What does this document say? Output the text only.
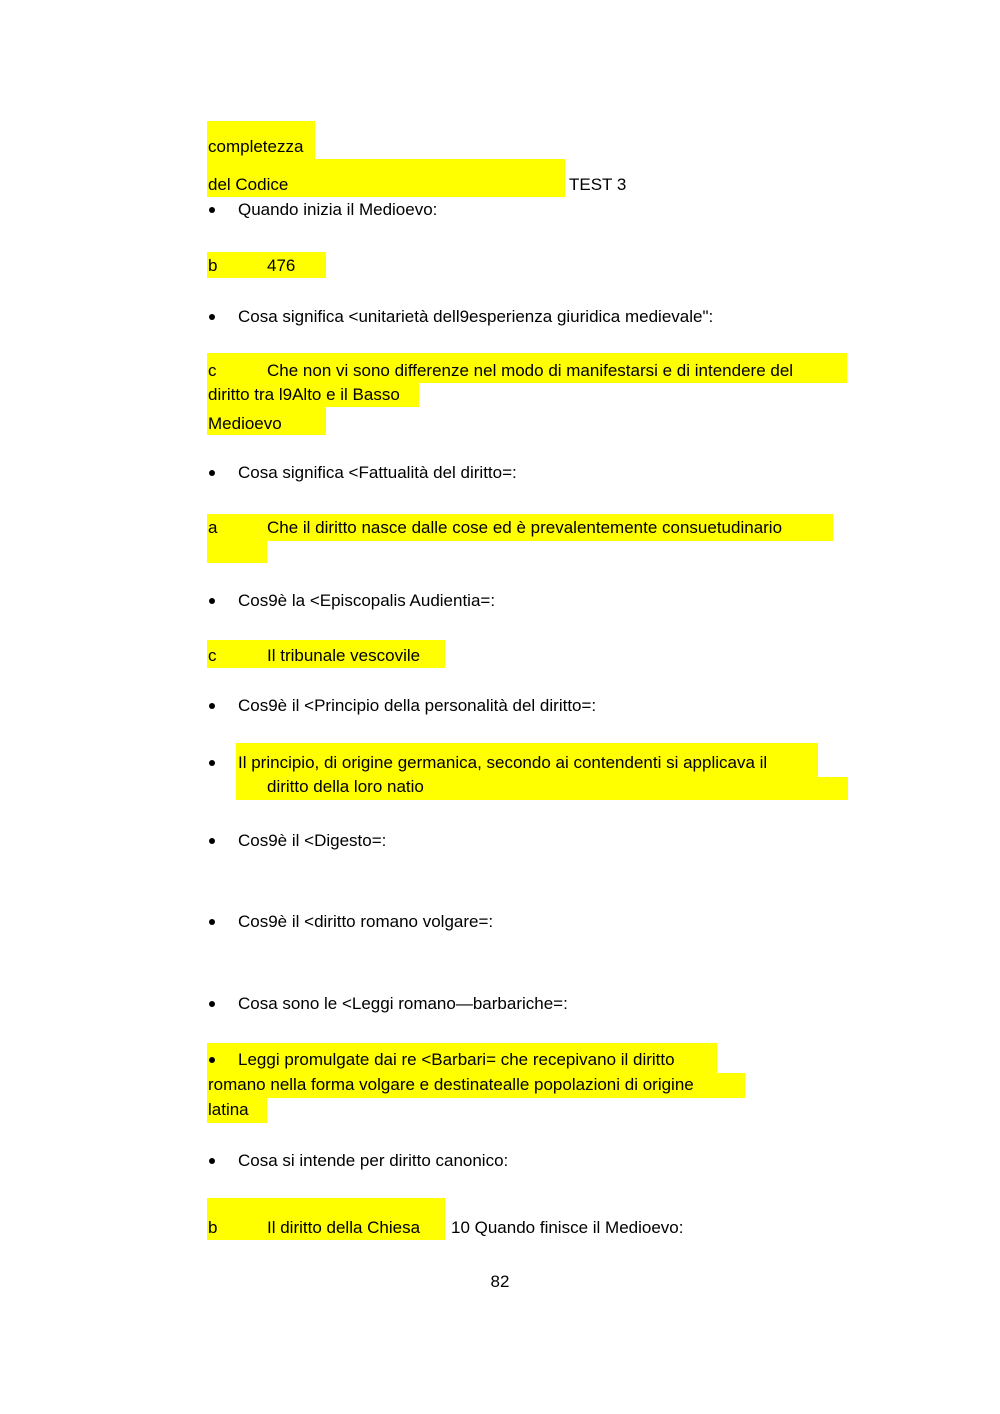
completezza
del Codice	TEST 3
Quando inizia il Medioevo:
b	476
Cosa significa <unitarietà dell9esperienza giuridica medievale":
c	Che non vi sono differenze nel modo di manifestarsi e di intendere del
diritto tra l9Alto e il Basso
Medioevo
Cosa significa <Fattualità del diritto=:
a	Che il diritto nasce dalle cose ed è prevalentemente consuetudinario
Cos9è la <Episcopalis Audientia=:
c	Il tribunale vescovile
Cos9è il <Principio della personalità del diritto=:
Il principio, di origine germanica, secondo ai contendenti si applicava il
diritto della loro natio
Cos9è il <Digesto=:
Cos9è il <diritto romano volgare=:
Cosa sono le <Leggi romano—barbariche=:
Leggi promulgate dai re <Barbari= che recepivano il diritto
romano nella forma volgare e destinatealle popolazioni di origine
latina
Cosa si intende per diritto canonico:
b	Il diritto della Chiesa 10 Quando finisce il Medioevo:
82
